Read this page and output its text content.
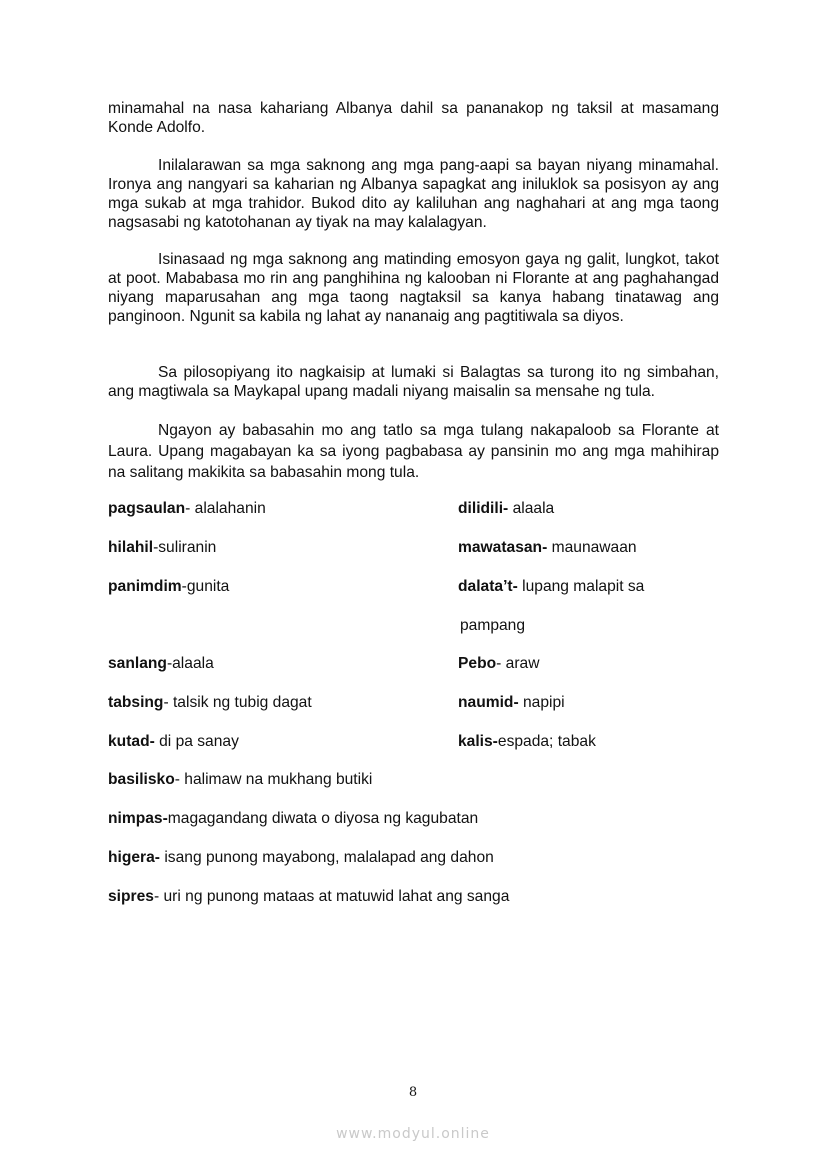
minamahal na nasa kahariang Albanya dahil sa pananakop ng taksil at masamang Konde Adolfo.

Inilalarawan sa mga saknong ang mga pang-aapi sa bayan niyang minamahal. Ironya ang nangyari sa kaharian ng Albanya sapagkat ang iniluklok sa posisyon ay ang mga sukab at mga trahidor. Bukod dito ay kaliluhan ang naghahari at ang mga taong nagsasabi ng katotohanan ay tiyak na may kalalagyan.

Isinasaad ng mga saknong ang matinding emosyon gaya ng galit, lungkot, takot at poot. Mababasa mo rin ang panghihina ng kalooban ni Florante at ang paghahangad niyang maparusahan ang mga taong nagtaksil sa kanya habang tinatawag ang panginoon. Ngunit sa kabila ng lahat ay nananaig ang pagtitiwala sa diyos.

Sa pilosopiyang ito nagkaisip at lumaki si Balagtas sa turong ito ng simbahan, ang magtiwala sa Maykapal upang madali niyang maisalin sa mensahe ng tula.

Ngayon ay babasahin mo ang tatlo sa mga tulang nakapaloob sa Florante at Laura. Upang magabayan ka sa iyong pagbabasa ay pansinin mo ang mga mahihirap na salitang makikita sa babasahin mong tula.

pagsaulan- alalahanin
hilahil-suliranin
panimdim-gunita
sanlang-alaala
tabsing- talsik ng tubig dagat
kutad- di pa sanay
basilisko- halimaw na mukhang butiki
nimpas-magagandang diwata o diyosa ng kagubatan
higera- isang punong mayabong, malalapad ang dahon
sipres- uri ng punong mataas at matuwid lahat ang sanga
dilidili- alaala
mawatasan- maunawaan
dalata’t- lupang malapit sa
pampang
Pebo- araw
naumid- napipi
kalis-espada; tabak
8
www.modyul.online
